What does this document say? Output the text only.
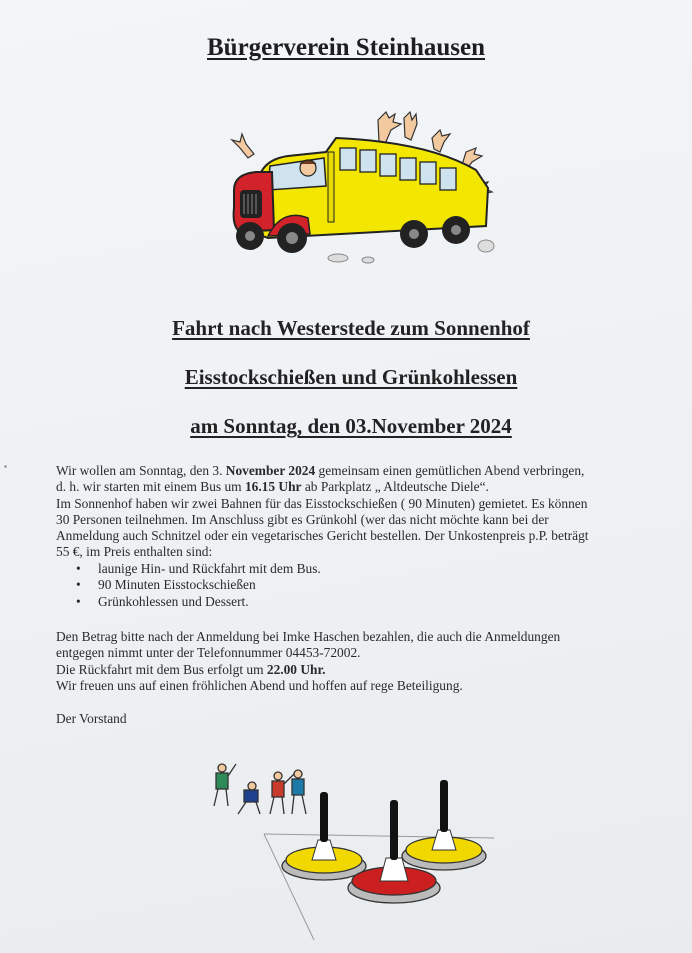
Bürgerverein Steinhausen
Fahrt nach Westerstede zum Sonnenhof
Eisstockschießen und Grünkohlessen
am Sonntag, den 03.November 2024
▪	Wir wollen am Sonntag, den 3. November 2024 gemeinsam einen gemütlichen Abend verbringen,
d. h. wir starten mit einem Bus um 16.15 Uhr ab Parkplatz „ Altdeutsche Diele“.
Im Sonnenhof haben wir zwei Bahnen für das Eisstockschießen ( 90 Minuten) gemietet. Es können
30 Personen teilnehmen. Im Anschluss gibt es Grünkohl (wer das nicht möchte kann bei der
Anmeldung auch Schnitzel oder ein vegetarisches Gericht bestellen. Der Unkostenpreis p.P. beträgt
55 €, im Preis enthalten sind:
• launige Hin- und Rückfahrt mit dem Bus.
• 90 Minuten Eisstockschießen
• Grünkohlessen und Dessert.
Den Betrag bitte nach der Anmeldung bei Imke Haschen bezahlen, die auch die Anmeldungen
entgegen nimmt unter der Telefonnummer 04453-72002.
Die Rückfahrt mit dem Bus erfolgt um 22.00 Uhr.
Wir freuen uns auf einen fröhlichen Abend und hoffen auf rege Beteiligung.
Der Vorstand
